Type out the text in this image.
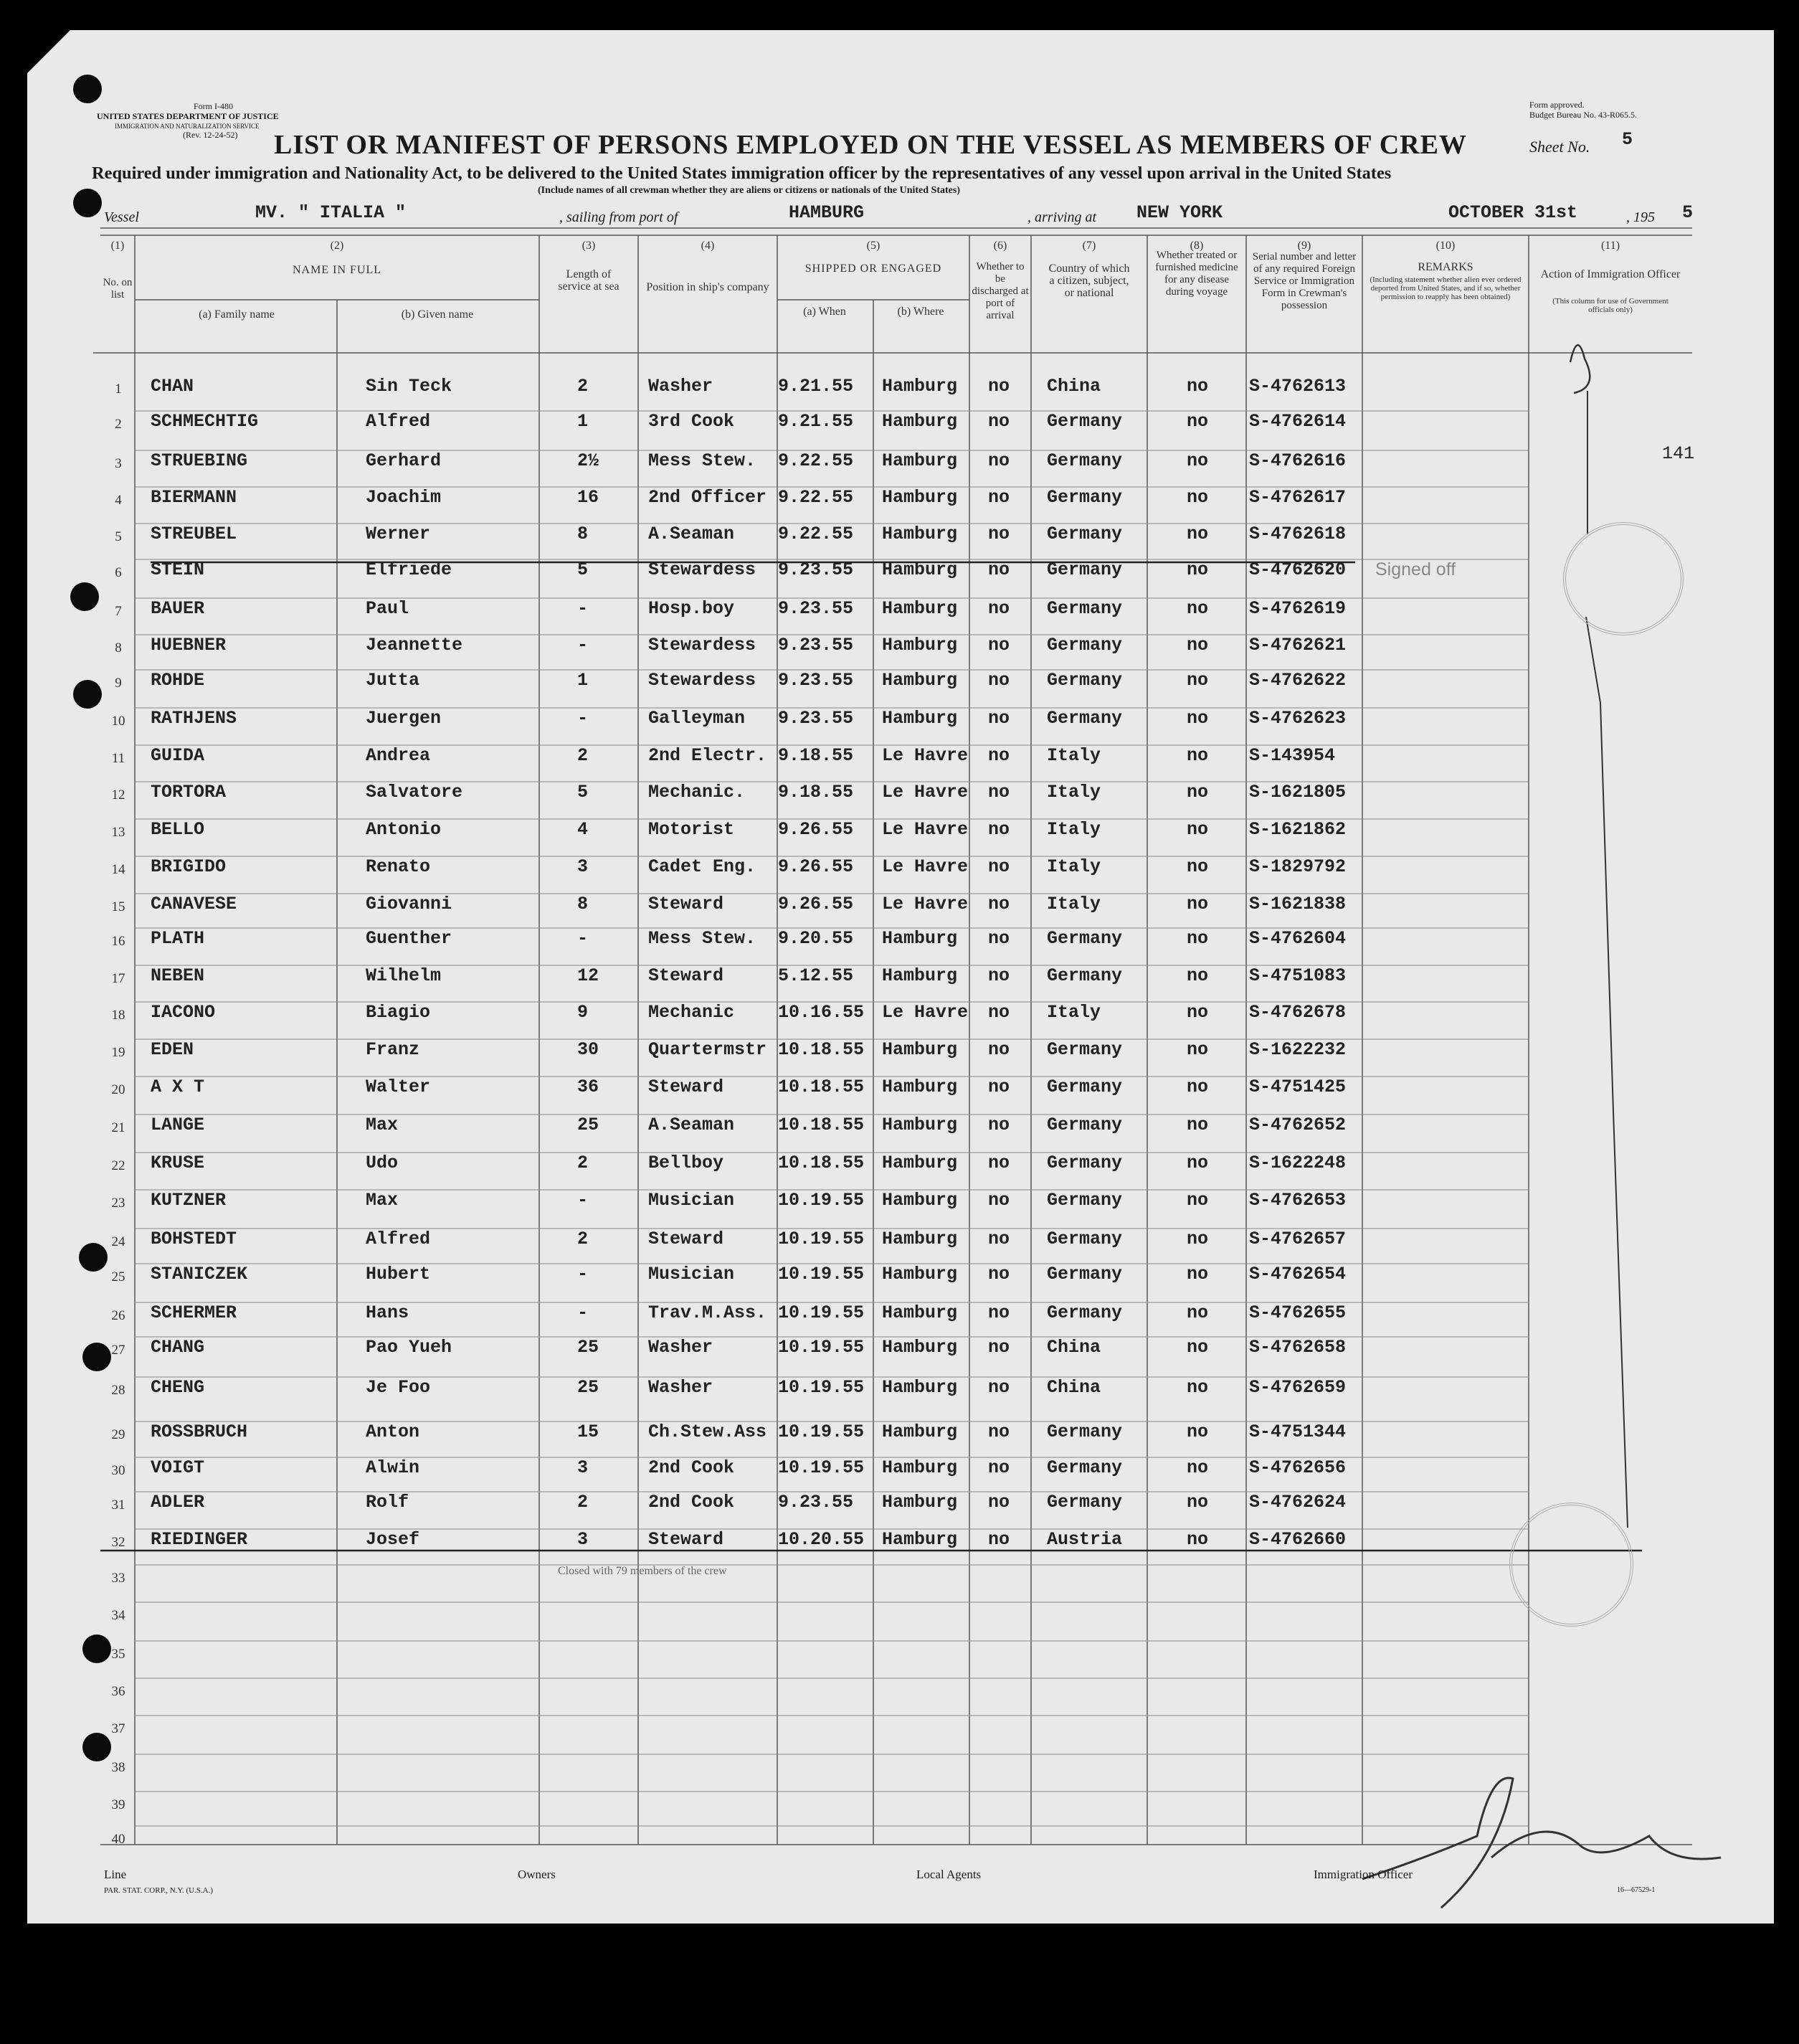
Form I-480
UNITED STATES DEPARTMENT OF JUSTICE
IMMIGRATION AND NATURALIZATION SERVICE
(Rev. 12-24-52)
Form approved.
Budget Bureau No. 43-R065.5.
LIST OR MANIFEST OF PERSONS EMPLOYED ON THE VESSEL AS MEMBERS OF CREW	Sheet No. 5
Required under immigration and Nationality Act, to be delivered to the United States immigration officer by the representatives of any vessel upon arrival in the United States
(Include names of all crewman whether they are aliens or citizens or nationals of the United States)
Vessel	MV. " ITALIA "	, sailing from port of	HAMBURG	, arriving at NEW YORK	OCTOBER 31st	, 195 5
(1)
No. on list
(2)
NAME IN FULL
(a) Family name	(b) Given name
(3)
Length of service at sea
(4)
Position in ship's company
(5)
SHIPPED OR ENGAGED
(a) When	(b) Where
(6)
Whether to be discharged at port of arrival
(7)
Country of which a citizen, subject, or national
(8)
Whether treated or furnished medicine for any disease during voyage
(9)
Serial number and letter of any required Foreign Service or Immigration Form in Crewman's possession
(10)
REMARKS
(Including statement whether alien ever ordered deported from United States, and if so, whether permission to reapply has been obtained)
(11)
Action of Immigration Officer
(This column for use of Government officials only)
1	CHAN	Sin Teck	2	Washer	9.21.55 Hamburg no China	no S-4762613
2	SCHMECHTIG	Alfred	1	3rd Cook 9.21.55 Hamburg no Germany	no S-4762614
3	STRUEBING	Gerhard	2½	Mess Stew. 9.22.55 Hamburg no Germany	no S-4762616
4	BIERMANN	Joachim	16	2nd Officer 9.22.55 Hamburg no Germany	no S-4762617
5	STREUBEL	Werner	8	A.Seaman 9.22.55 Hamburg no Germany	no S-4762618
6	STEIN	Elfriede	5	Stewardess 9.23.55 Hamburg no Germany	no S-4762620 Signed off
7	BAUER	Paul	-	Hosp.boy 9.23.55 Hamburg no Germany	no S-4762619
8	HUEBNER	Jeannette	-	Stewardess 9.23.55 Hamburg no Germany	no S-4762621
9	ROHDE	Jutta	1	Stewardess 9.23.55 Hamburg no Germany	no S-4762622
10	RATHJENS	Juergen	-	Galleyman 9.23.55 Hamburg no Germany	no S-4762623
11	GUIDA	Andrea	2	2nd Electr. 9.18.55 Le Havre no Italy	no S-143954
12	TORTORA	Salvatore	5	Mechanic. 9.18.55 Le Havre no Italy	no S-1621805
13	BELLO	Antonio	4	Motorist 9.26.55 Le Havre no Italy	no S-1621862
14	BRIGIDO	Renato	3	Cadet Eng. 9.26.55 Le Havre no Italy	no S-1829792
15	CANAVESE	Giovanni	8	Steward	9.26.55 Le Havre no Italy	no S-1621838
16	PLATH	Guenther	-	Mess Stew. 9.20.55 Hamburg no Germany	no S-4762604
17	NEBEN	Wilhelm	12	Steward	5.12.55 Hamburg no Germany	no S-4751083
18	IACONO	Biagio	9	Mechanic 10.16.55 Le Havre no Italy	no S-4762678
19	EDEN	Franz	30	Quartermstr 10.18.55 Hamburg no Germany	no S-1622232
20	A X T	Walter	36	Steward	10.18.55 Hamburg no Germany	no S-4751425
21	LANGE	Max	25	A.Seaman 10.18.55 Hamburg no Germany	no S-4762652
22	KRUSE	Udo	2	Bellboy	10.18.55 Hamburg no Germany	no S-1622248
23	KUTZNER	Max	-	Musician 10.19.55 Hamburg no Germany	no S-4762653
24	BOHSTEDT	Alfred	2	Steward	10.19.55 Hamburg no Germany	no S-4762657
25	STANICZEK	Hubert	-	Musician 10.19.55 Hamburg no Germany	no S-4762654
26	SCHERMER	Hans	-	Trav.M.Ass. 10.19.55 Hamburg no Germany	no S-4762655
27	CHANG	Pao Yueh	25	Washer	10.19.55 Hamburg no China	no S-4762658
28	CHENG	Je Foo	25	Washer	10.19.55 Hamburg no China	no S-4762659
29	ROSSBRUCH	Anton	15	Ch.Stew.Ass 10.19.55 Hamburg no Germany	no S-4751344
30	VOIGT	Alwin	3	2nd Cook 10.19.55 Hamburg no Germany	no S-4762656
31	ADLER	Rolf	2	2nd Cook 9.23.55 Hamburg no Germany	no S-4762624
32	RIEDINGER	Josef	3	Steward	10.20.55 Hamburg no Austria	no S-4762660
33
34
35
36
37
38
39
40
Closed with 79 members of the crew
141
Line	Owners	Local Agents	Immigration Officer
PAR. STAT. CORP., N.Y. (U.S.A.)	16—67529-1
